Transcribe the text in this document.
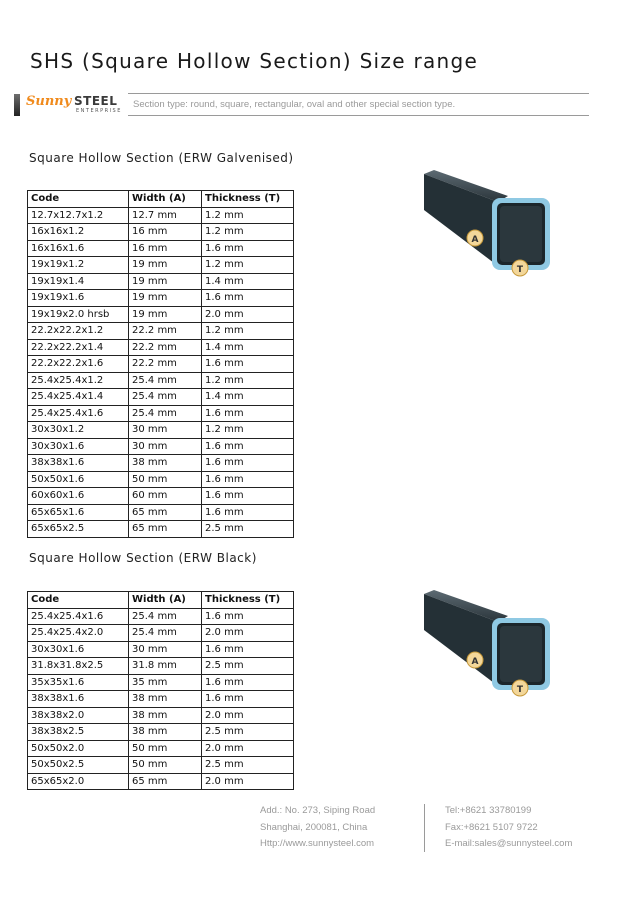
SHS (Square Hollow Section) Size range
Sunny STEEL
ENTERPRISE
Section type: round, square, rectangular, oval and other special section type.
Square Hollow Section (ERW Galvenised)
Code	Width (A)	Thickness (T)
12.7x12.7x1.2	12.7 mm	1.2 mm
16x16x1.2	16 mm	1.2 mm
16x16x1.6	16 mm	1.6 mm
19x19x1.2	19 mm	1.2 mm
19x19x1.4	19 mm	1.4 mm
19x19x1.6	19 mm	1.6 mm
19x19x2.0 hrsb	19 mm	2.0 mm
22.2x22.2x1.2	22.2 mm	1.2 mm
22.2x22.2x1.4	22.2 mm	1.4 mm
22.2x22.2x1.6	22.2 mm	1.6 mm
25.4x25.4x1.2	25.4 mm	1.2 mm
25.4x25.4x1.4	25.4 mm	1.4 mm
25.4x25.4x1.6	25.4 mm	1.6 mm
30x30x1.2	30 mm	1.2 mm
30x30x1.6	30 mm	1.6 mm
38x38x1.6	38 mm	1.6 mm
50x50x1.6	50 mm	1.6 mm
60x60x1.6	60 mm	1.6 mm
65x65x1.6	65 mm	1.6 mm
65x65x2.5	65 mm	2.5 mm
A
T
Square Hollow Section (ERW Black)
Code	Width (A)	Thickness (T)
25.4x25.4x1.6	25.4 mm	1.6 mm
25.4x25.4x2.0	25.4 mm	2.0 mm
30x30x1.6	30 mm	1.6 mm
31.8x31.8x2.5	31.8 mm	2.5 mm
35x35x1.6	35 mm	1.6 mm
38x38x1.6	38 mm	1.6 mm
38x38x2.0	38 mm	2.0 mm
38x38x2.5	38 mm	2.5 mm
50x50x2.0	50 mm	2.0 mm
50x50x2.5	50 mm	2.5 mm
65x65x2.0	65 mm	2.0 mm
A
T
Add.: No. 273, Siping Road
Shanghai, 200081, China
Http://www.sunnysteel.com
Tel:+8621 33780199
Fax:+8621 5107 9722
E-mail:sales@sunnysteel.com
